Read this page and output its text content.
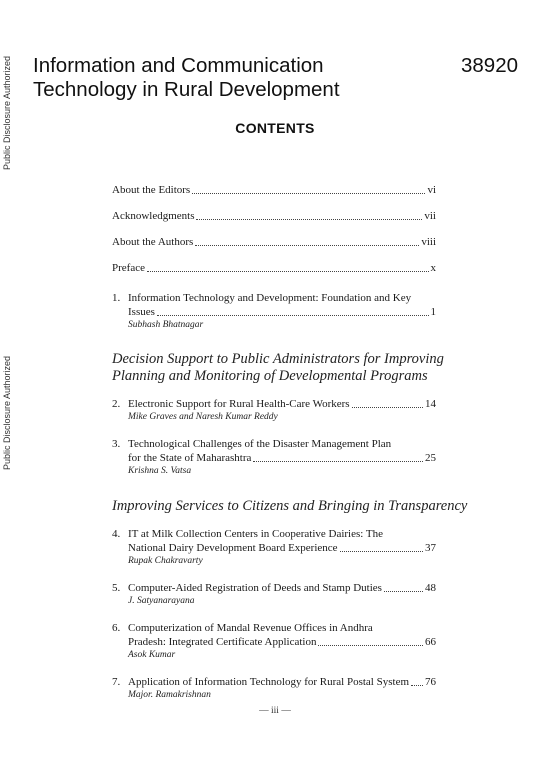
Public Disclosure Authorized
Public Disclosure Authorized
Information and Communication
Technology in Rural Development
38920
CONTENTS
About the Editors	vi
Acknowledgments	vii
About the Authors	viii
Preface	x
1. Information Technology and Development: Foundation and Key
Issues	1
Subhash Bhatnagar
Decision Support to Public Administrators for Improving
Planning and Monitoring of Developmental Programs
2. Electronic Support for Rural Health-Care Workers	14
Mike Graves and Naresh Kumar Reddy
3. Technological Challenges of the Disaster Management Plan
for the State of Maharashtra	25
Krishna S. Vatsa
Improving Services to Citizens and Bringing in Transparency
4. IT at Milk Collection Centers in Cooperative Dairies: The
National Dairy Development Board Experience	37
Rupak Chakravarty
5. Computer-Aided Registration of Deeds and Stamp Duties	48
J. Satyanarayana
6. Computerization of Mandal Revenue Offices in Andhra
Pradesh: Integrated Certificate Application	66
Asok Kumar
7. Application of Information Technology for Rural Postal System 76
Major. Ramakrishnan
— iii —
